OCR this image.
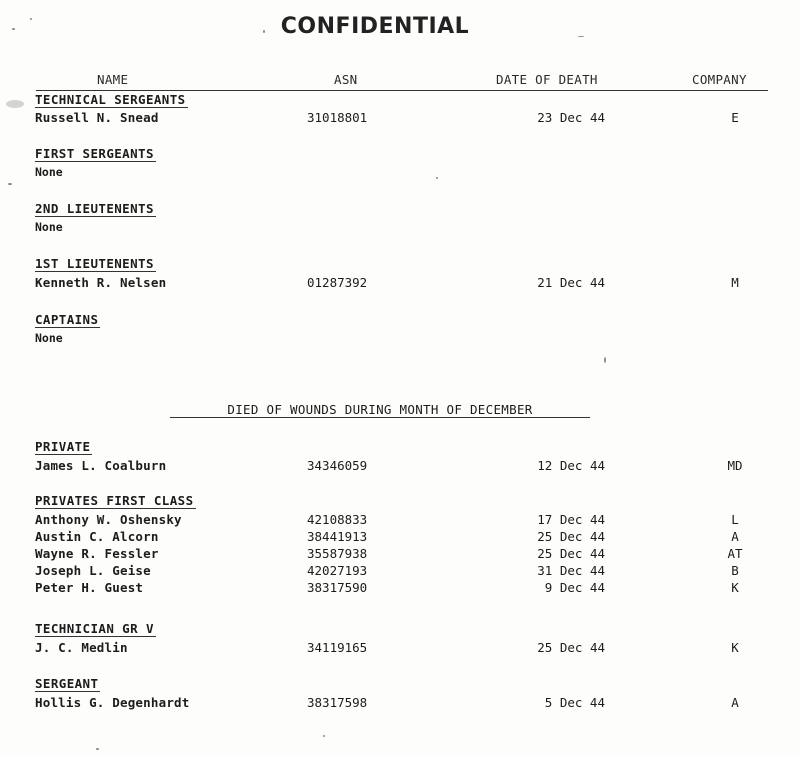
CONFIDENTIAL
NAME	ASN	DATE OF DEATH	COMPANY
TECHNICAL SERGEANTS
Russell N. Snead	31018801	23 Dec 44	E
FIRST SERGEANTS
None
2ND LIEUTENENTS
None
1ST LIEUTENENTS
Kenneth R. Nelsen	01287392	21 Dec 44	M
CAPTAINS
None
DIED OF WOUNDS DURING MONTH OF DECEMBER
PRIVATE
James L. Coalburn	34346059	12 Dec 44	MD
PRIVATES FIRST CLASS
Anthony W. Oshensky	42108833	17 Dec 44	L
Austin C. Alcorn	38441913	25 Dec 44	A
Wayne R. Fessler	35587938	25 Dec 44	AT
Joseph L. Geise	42027193	31 Dec 44	B
Peter H. Guest	38317590	9 Dec 44	K
TECHNICIAN GR V
J. C. Medlin	34119165	25 Dec 44	K
SERGEANT
Hollis G. Degenhardt	38317598	5 Dec 44	A
